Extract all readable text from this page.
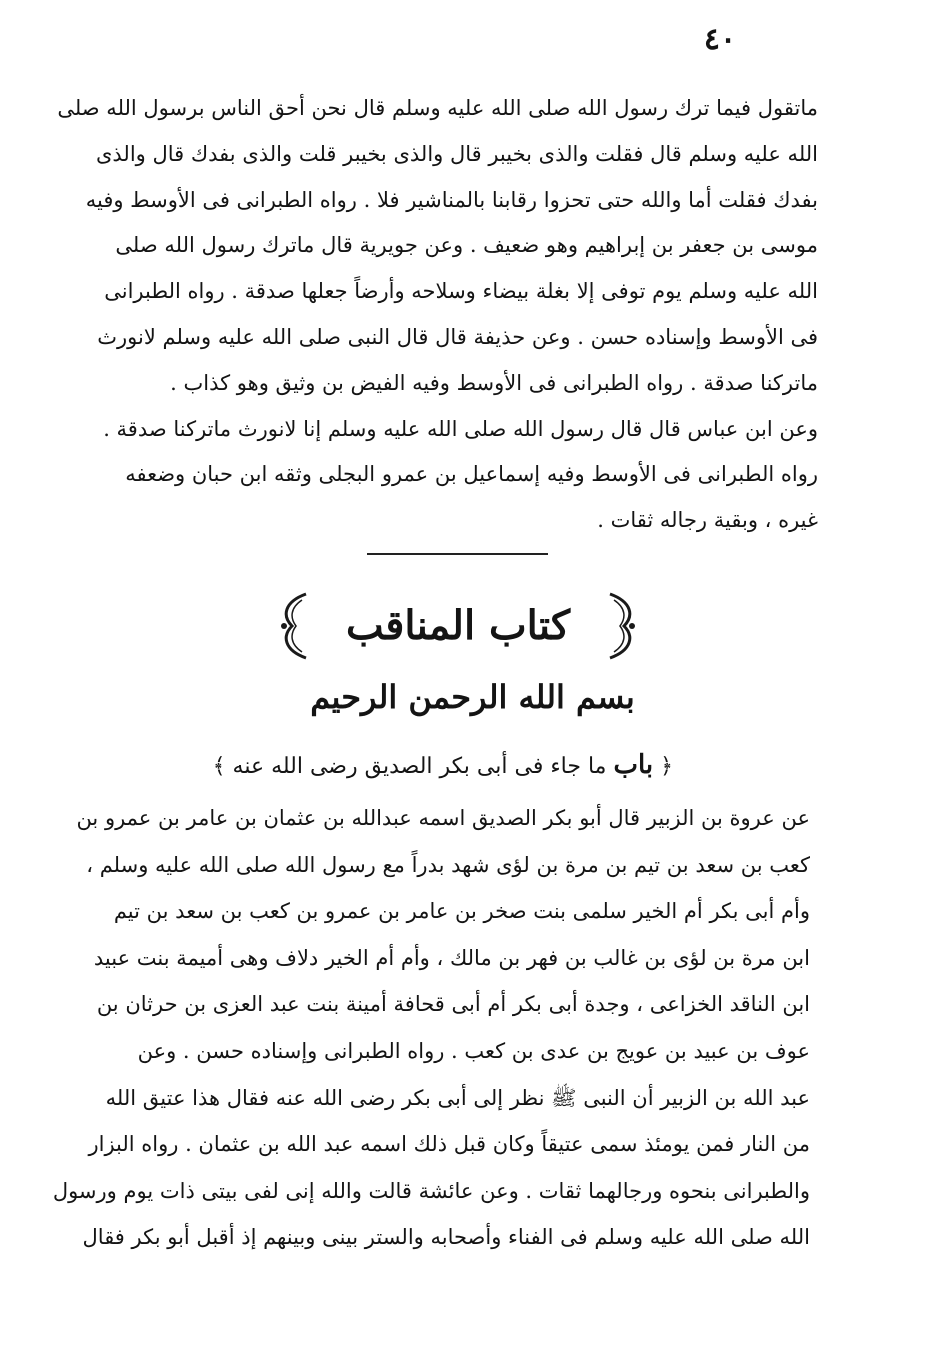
٤٠
ماتقول فيما ترك رسول الله صلى الله عليه وسلم قال نحن أحق الناس برسول الله صلى
الله عليه وسلم قال فقلت والذى بخيبر قال والذى بخيبر قلت والذى بفدك قال والذى
بفدك فقلت أما والله حتى تحزوا رقابنا بالمناشير فلا . رواه الطبرانى فى الأوسط وفيه
موسى بن جعفر بن إبراهيم وهو ضعيف . وعن جويرية قال ماترك رسول الله صلى
الله عليه وسلم يوم توفى إلا بغلة بيضاء وسلاحه وأرضاً جعلها صدقة . رواه الطبرانى
فى الأوسط وإسناده حسن . وعن حذيفة قال قال النبى صلى الله عليه وسلم لانورث
ماتركنا صدقة . رواه الطبرانى فى الأوسط وفيه الفيض بن وثيق وهو كذاب .
وعن ابن عباس قال قال رسول الله صلى الله عليه وسلم إنا لانورث ماتركنا صدقة .
رواه الطبرانى فى الأوسط وفيه إسماعيل بن عمرو البجلى وثقه ابن حبان وضعفه
غيره ، وبقية رجاله ثقات .
كتاب المناقب
بسم الله الرحمن الرحيم
﴿ باب ما جاء فى أبى بكر الصديق رضى الله عنه ﴾
عن عروة بن الزبير قال أبو بكر الصديق اسمه عبدالله بن عثمان بن عامر بن عمرو بن
كعب بن سعد بن تيم بن مرة بن لؤى شهد بدراً مع رسول الله صلى الله عليه وسلم ،
وأم أبى بكر أم الخير سلمى بنت صخر بن عامر بن عمرو بن كعب بن سعد بن تيم
ابن مرة بن لؤى بن غالب بن فهر بن مالك ، وأم أم الخير دلاف وهى أميمة بنت عبيد
ابن الناقد الخزاعى ، وجدة أبى بكر أم أبى قحافة أمينة بنت عبد العزى بن حرثان بن
عوف بن عبيد بن عويج بن عدى بن كعب . رواه الطبرانى وإسناده حسن . وعن
عبد الله بن الزبير أن النبى ﷺ نظر إلى أبى بكر رضى الله عنه فقال هذا عتيق الله
من النار فمن يومئذ سمى عتيقاً وكان قبل ذلك اسمه عبد الله بن عثمان . رواه البزار
والطبرانى بنحوه ورجالهما ثقات . وعن عائشة قالت والله إنى لفى بيتى ذات يوم ورسول
الله صلى الله عليه وسلم فى الفناء وأصحابه والستر بينى وبينهم إذ أقبل أبو بكر فقال
